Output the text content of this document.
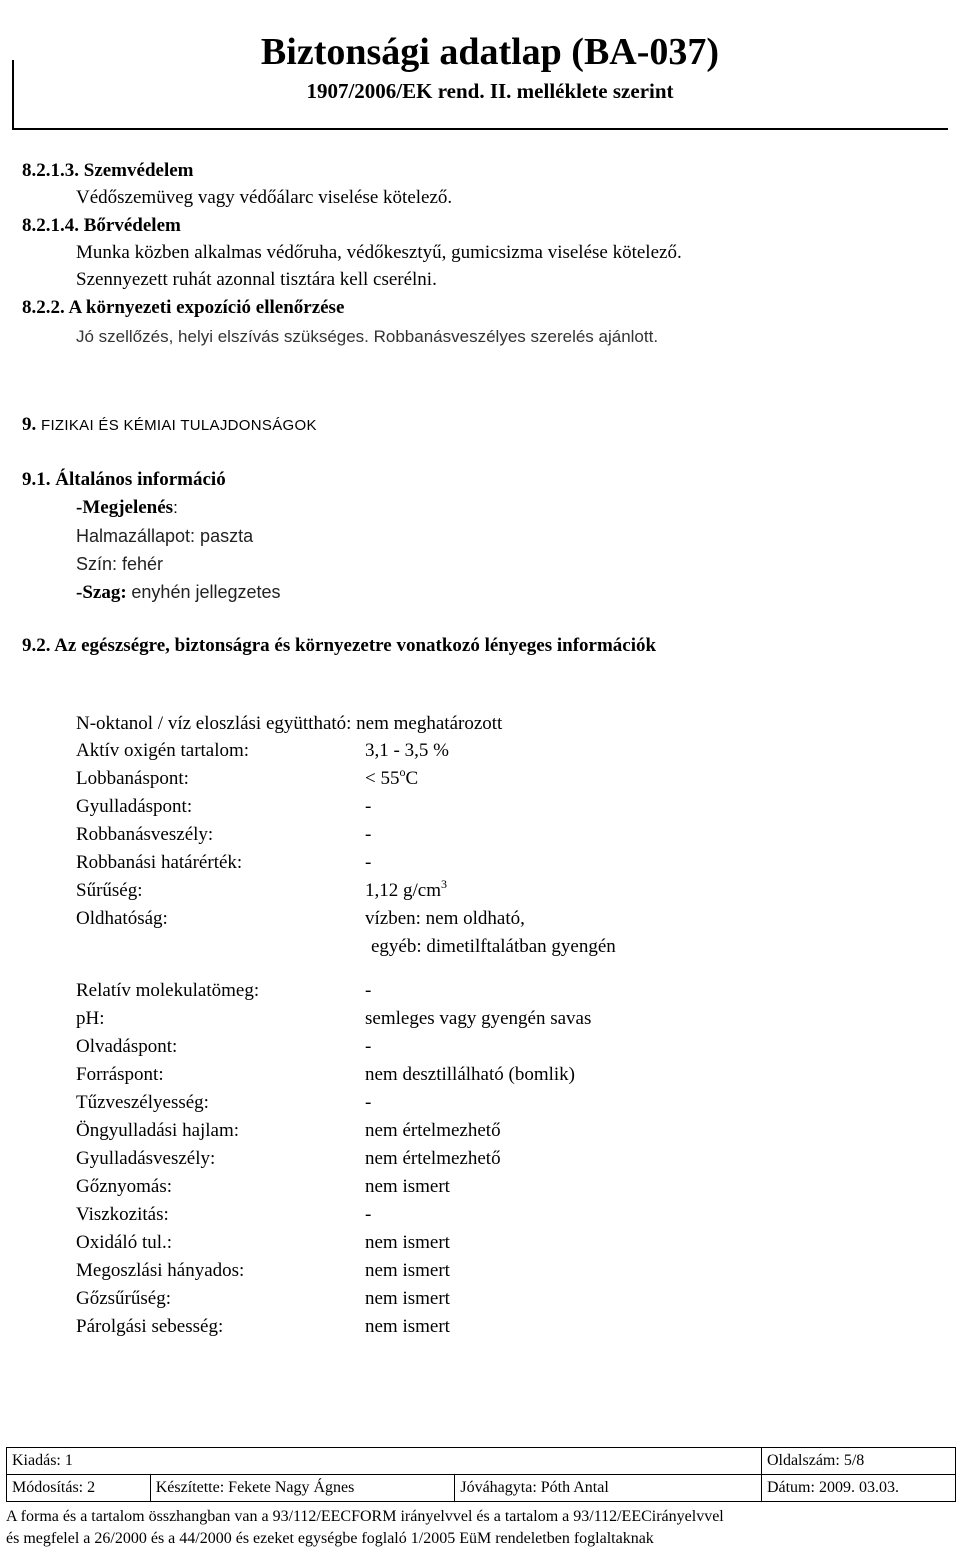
Biztonsági adatlap (BA-037)
1907/2006/EK rend. II. melléklete szerint
8.2.1.3. Szemvédelem
Védőszemüveg vagy védőálarc viselése kötelező.
8.2.1.4. Bőrvédelem
Munka közben alkalmas védőruha, védőkesztyű, gumicsizma viselése kötelező.
Szennyezett ruhát azonnal tisztára kell cserélni.
8.2.2. A környezeti expozíció ellenőrzése
Jó szellőzés, helyi elszívás szükséges. Robbanásveszélyes szerelés ajánlott.
9. FIZIKAI ÉS KÉMIAI TULAJDONSÁGOK
9.1. Általános információ
-Megjelenés:
Halmazállapot: paszta
Szín: fehér
-Szag: enyhén jellegzetes
9.2. Az egészségre, biztonságra és környezetre vonatkozó lényeges információk
N-oktanol / víz eloszlási együttható: nem meghatározott
Aktív oxigén tartalom:	3,1 - 3,5 %
Lobbanáspont:	< $55^oC$
Gyulladáspont:	-
Robbanásveszély:	-
Robbanási határérték:	-
Sűrűség:	1,12 $g/cm^3$
Oldhatóság:	vízben: nem oldható,
egyéb: dimetilftalátban gyengén
Relatív molekulatömeg:	-
pH:	semleges vagy gyengén savas
Olvadáspont:	-
Forráspont:	nem desztillálható (bomlik)
Tűzveszélyesség:	-
Öngyulladási hajlam:	nem értelmezhető
Gyulladásveszély:	nem értelmezhető
Gőznyomás:	nem ismert
Viszkozitás:	-
Oxidáló tul.:	nem ismert
Megoszlási hányados:	nem ismert
Gőzsűrűség:	nem ismert
Párolgási sebesség:	nem ismert
Kiadás: 1			Oldalszám: 5/8
Módosítás: 2	Készítette: Fekete Nagy Ágnes	Jóváhagyta: Póth Antal	Dátum: 2009. 03.03.
A forma és a tartalom összhangban van a 93/112/EECFORM irányelvvel és a tartalom a 93/112/EECirányelvvel
és megfelel a 26/2000 és a 44/2000 és ezeket egységbe foglaló 1/2005 EüM rendeletben foglaltaknak
